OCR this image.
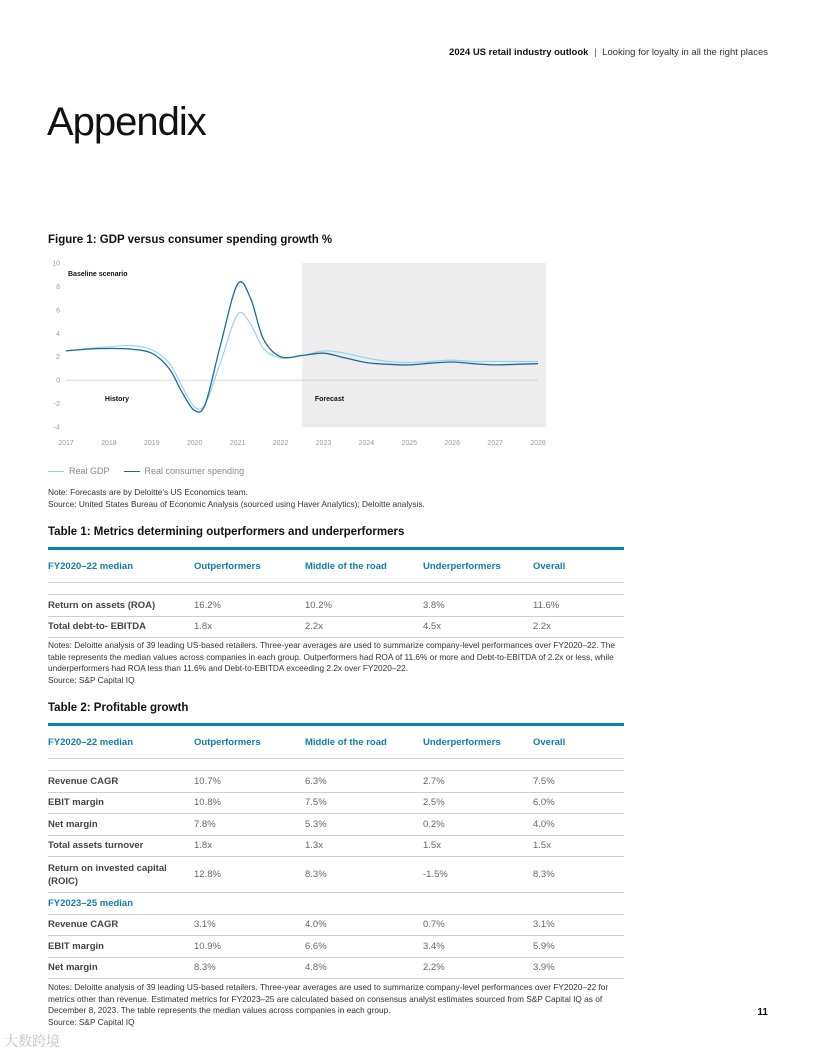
2024 US retail industry outlook | Looking for loyalty in all the right places
Appendix
Figure 1: GDP versus consumer spending growth %
10
8
6
4
2
0
-2
-4
2017	2018	2019	2020	2021	2022	2023	2024	2025	2026	2027	2028
Baseline scenario
History	Forecast
Real GDP	Real consumer spending
Note: Forecasts are by Deloitte’s US Economics team.
Source: United States Bureau of Economic Analysis (sourced using Haver Analytics); Deloitte analysis.
Table 1: Metrics determining outperformers and underperformers
FY2020–22 median	Outperformers	Middle of the road	Underperformers	Overall

Return on assets (ROA)	16.2%	10.2%	3.8%	11.6%
Total debt-to- EBITDA	1.8x	2.2x	4.5x	2.2x
Notes: Deloitte analysis of 39 leading US-based retailers. Three-year averages are used to summarize company-level performances over FY2020–22. The table represents the median values across companies in each group. Outperformers had ROA of 11.6% or more and Debt-to-EBITDA of 2.2x or less, while underperformers had ROA less than 11.6% and Debt-to-EBITDA exceeding 2.2x over FY2020–22.
Source: S&P Capital IQ
Table 2: Profitable growth
FY2020–22 median	Outperformers	Middle of the road	Underperformers	Overall

Revenue CAGR	10.7%	6.3%	2.7%	7.5%
EBIT margin	10.8%	7.5%	2.5%	6.0%
Net margin	7.8%	5.3%	0.2%	4.0%
Total assets turnover	1.8x	1.3x	1.5x	1.5x
Return on invested capital (ROIC)	12.8%	8.3%	-1.5%	8.3%
FY2023–25 median				
Revenue CAGR	3.1%	4.0%	0.7%	3.1%
EBIT margin	10.9%	6.6%	3.4%	5.9%
Net margin	8.3%	4.8%	2.2%	3.9%
Notes: Deloitte analysis of 39 leading US-based retailers. Three-year averages are used to summarize company-level performances over FY2020–22 for metrics other than revenue. Estimated metrics for FY2023–25 are calculated based on consensus analyst estimates sourced from S&P Capital IQ as of December 8, 2023. The table represents the median values across companies in each group.
Source: S&P Capital IQ
11
大数跨境
